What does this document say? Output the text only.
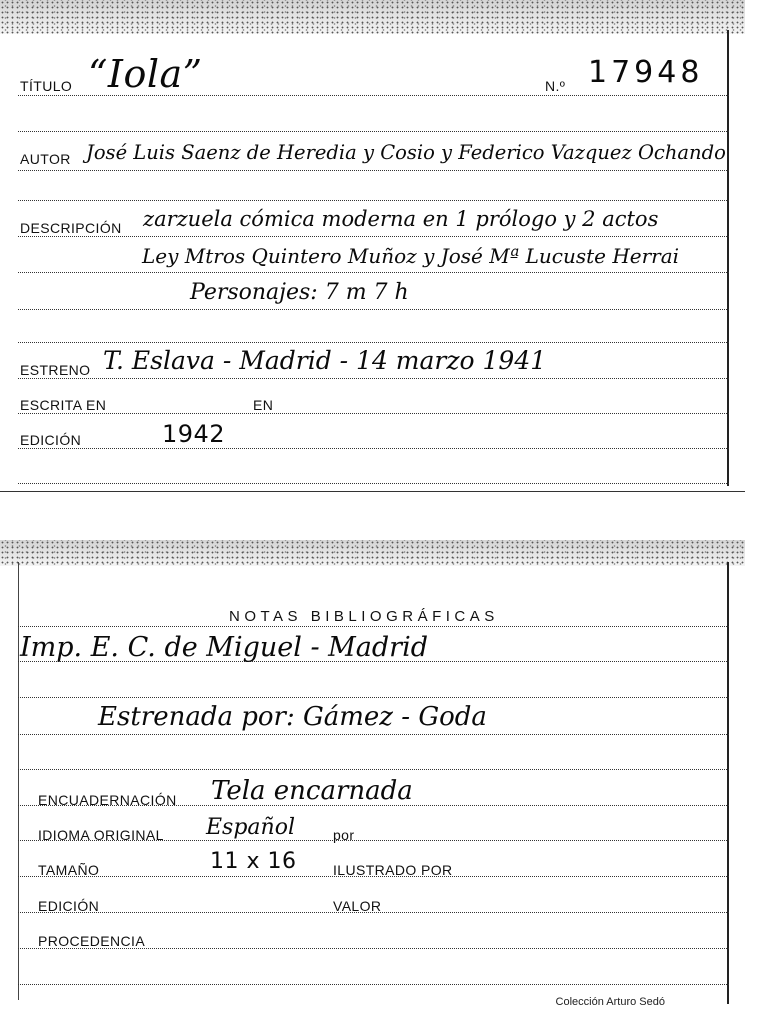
TÍTULO “Iola”	N.º 17948
AUTOR José Luis Saenz de Heredia y Cosio y Federico Vazquez Ochando
DESCRIPCIÓN zarzuela cómica moderna en 1 prólogo y 2 actos
Ley Mtros Quintero Muñoz y José Mª Lucuste Herrai
Personajes: 7 m 7 h
ESTRENO T. Eslava - Madrid - 14 marzo 1941
ESCRITA EN	EN
EDICIÓN	1942
NOTAS BIBLIOGRÁFICAS
Imp. E. C. de Miguel - Madrid
Estrenada por: Gámez - Goda
ENCUADERNACIÓN Tela encarnada
IDIOMA ORIGINAL Español	por
TAMAÑO	11 x 16	ILUSTRADO POR
EDICIÓN	VALOR
PROCEDENCIA
Colección Arturo Sedó
